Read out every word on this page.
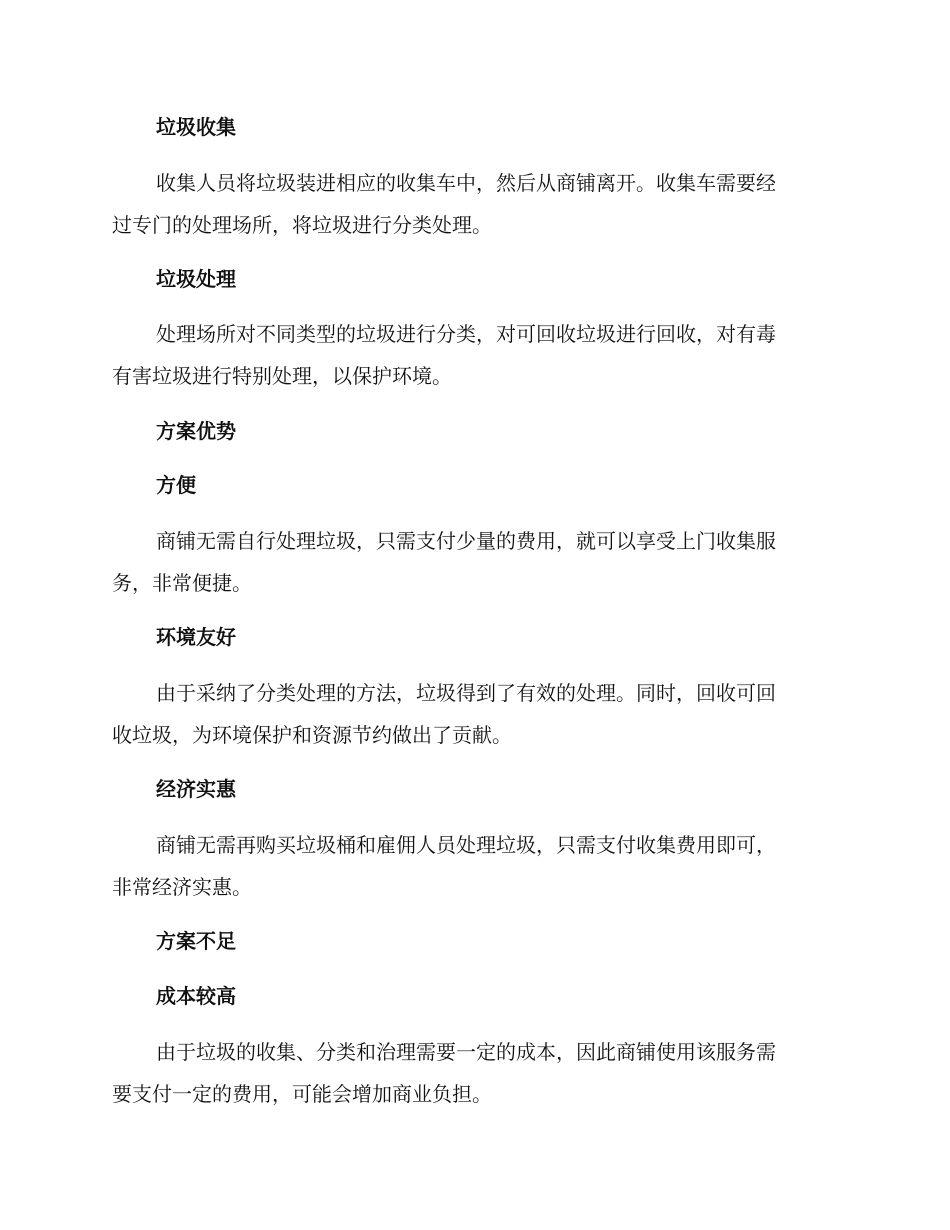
垃圾收集

收集人员将垃圾装进相应的收集车中，然后从商铺离开。收集车需要经
过专门的处理场所，将垃圾进行分类处理。

垃圾处理

处理场所对不同类型的垃圾进行分类，对可回收垃圾进行回收，对有毒
有害垃圾进行特别处理，以保护环境。

方案优势
方便

商铺无需自行处理垃圾，只需支付少量的费用，就可以享受上门收集服
务，非常便捷。

环境友好

由于采纳了分类处理的方法，垃圾得到了有效的处理。同时，回收可回
收垃圾，为环境保护和资源节约做出了贡献。

经济实惠

商铺无需再购买垃圾桶和雇佣人员处理垃圾，只需支付收集费用即可，
非常经济实惠。

方案不足
成本较高

由于垃圾的收集、分类和治理需要一定的成本，因此商铺使用该服务需
要支付一定的费用，可能会增加商业负担。
